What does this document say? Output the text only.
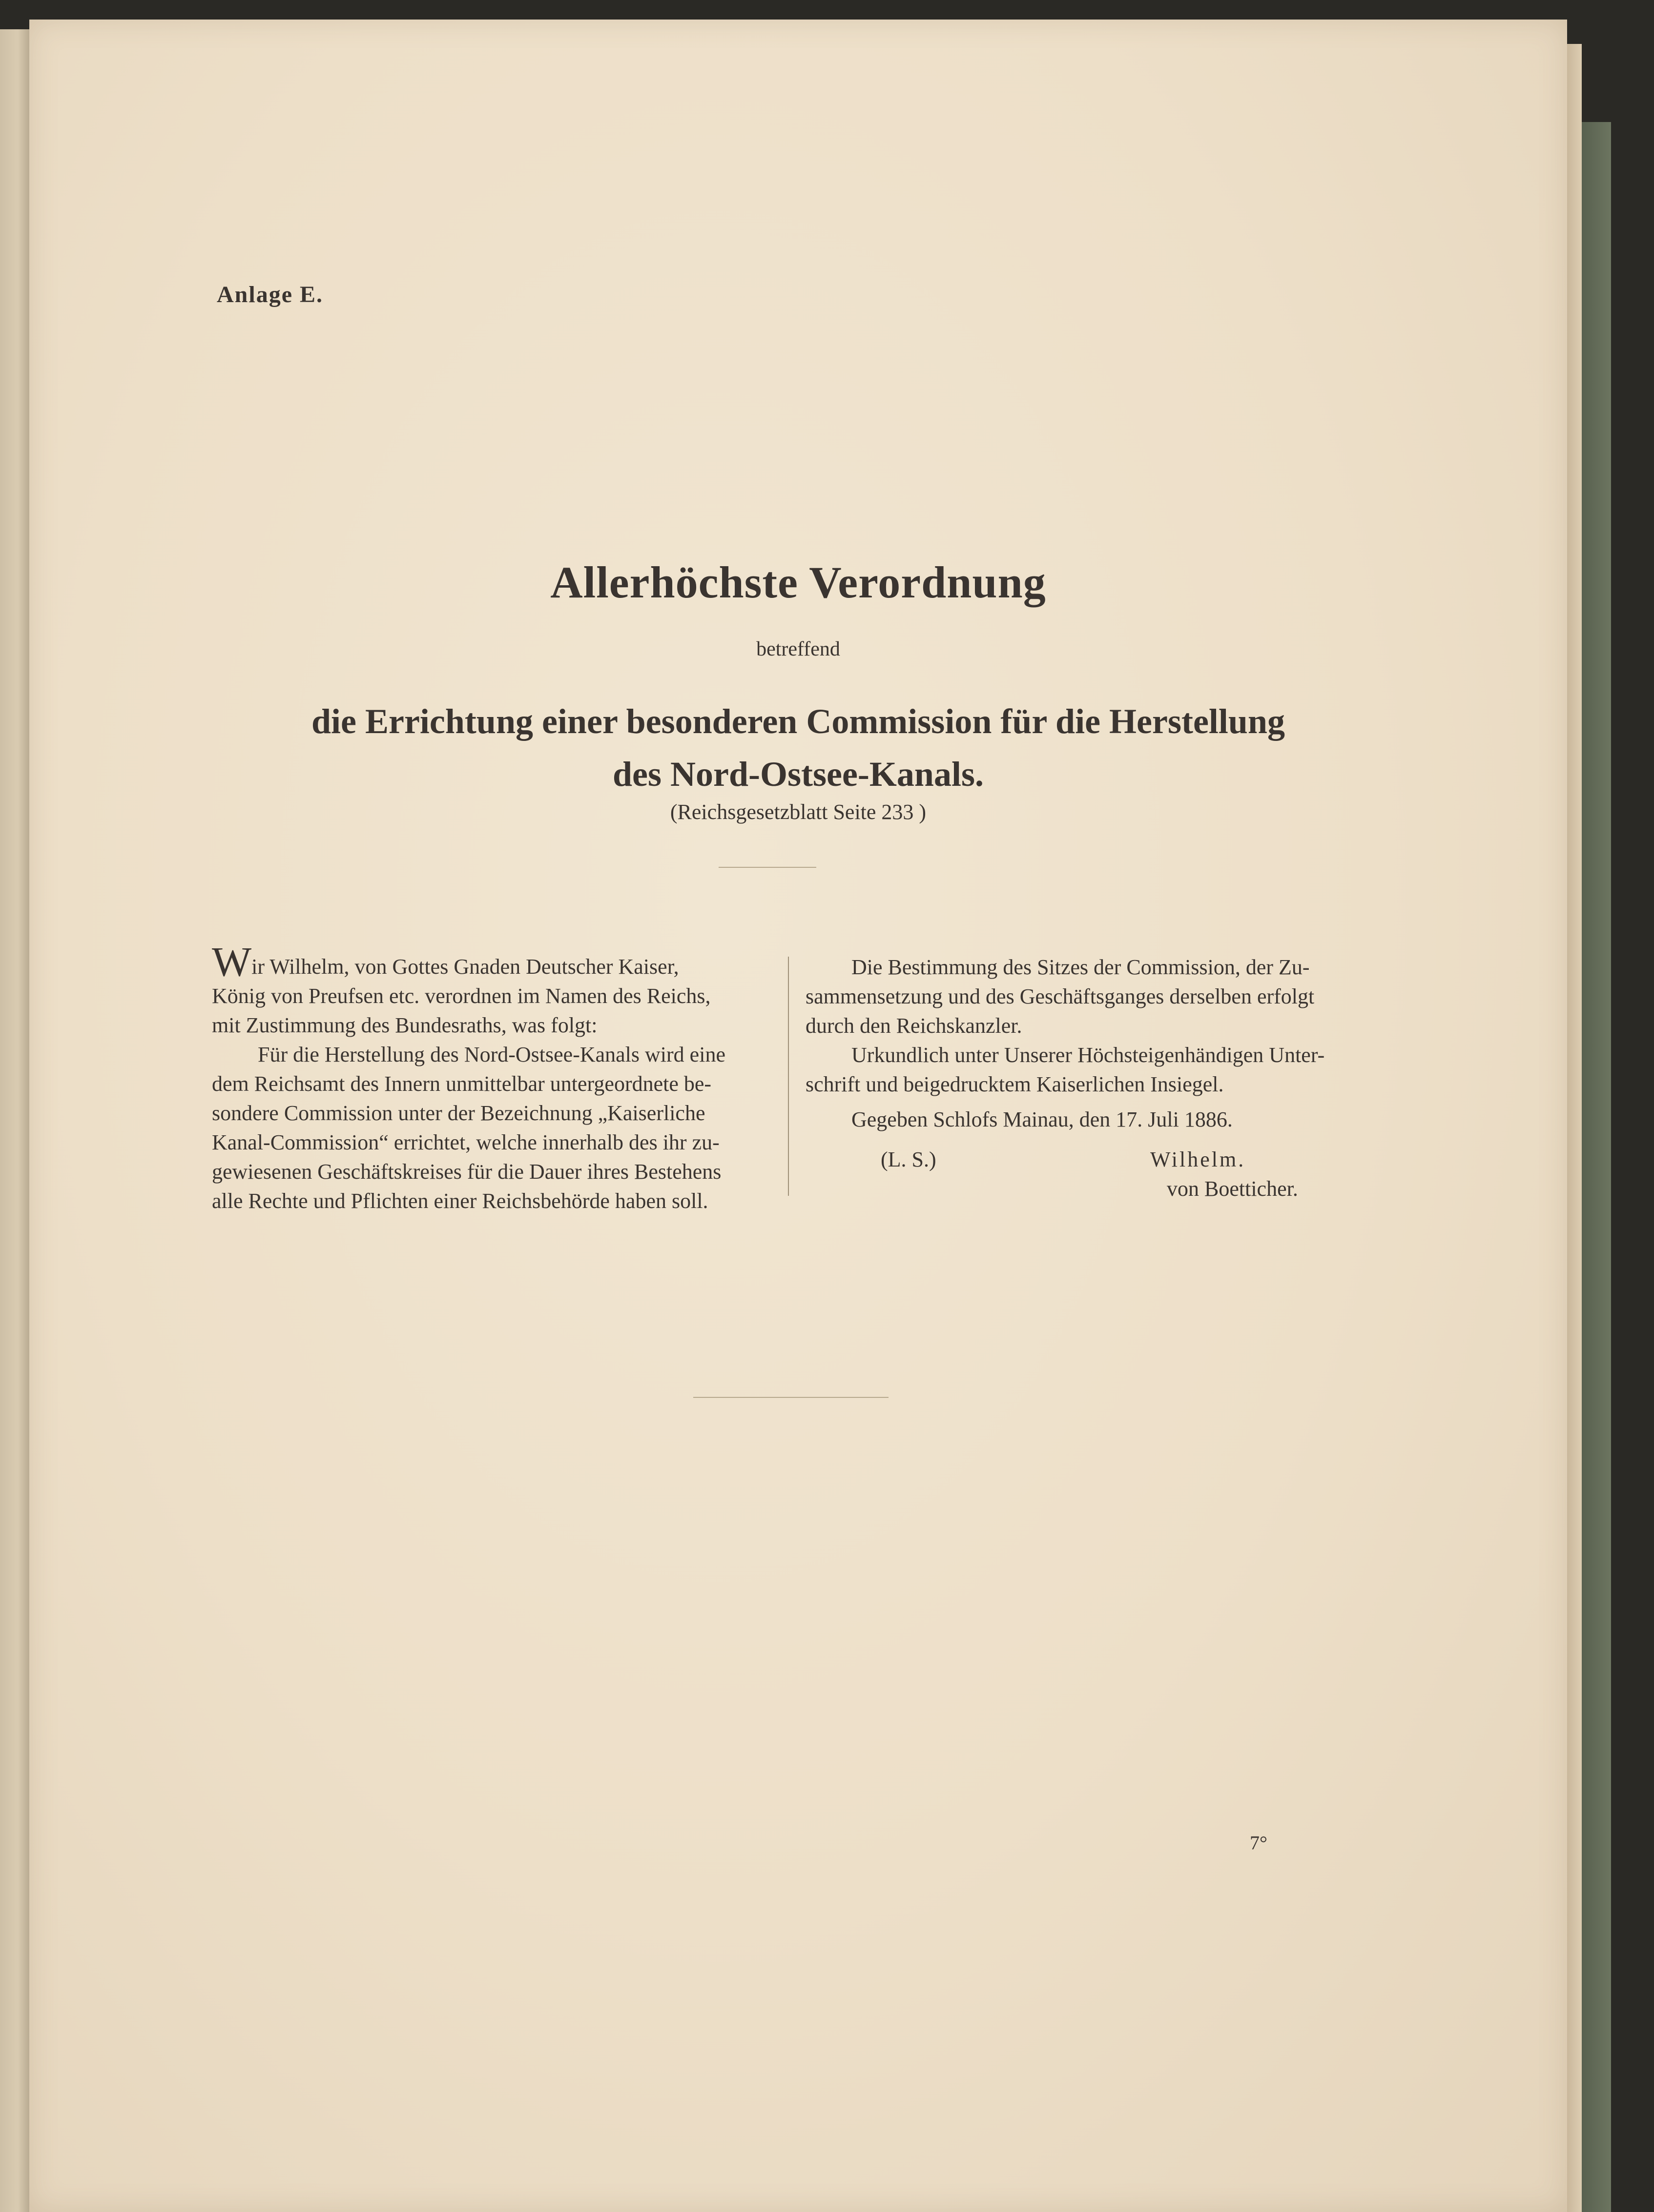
Anlage E.

Allerhöchste Verordnung

betreffend

die Errichtung einer besonderen Commission für die Herstellung
des Nord-Ostsee-Kanals.

(Reichsgesetzblatt Seite 233 )

Wir Wilhelm, von Gottes Gnaden Deutscher Kaiser,

König von Preufsen etc. verordnen im Namen des Reichs,

mit Zustimmung des Bundesraths, was folgt:

Für die Herstellung des Nord-Ostsee-Kanals wird eine

dem Reichsamt des Innern unmittelbar untergeordnete be-

sondere Commission unter der Bezeichnung „Kaiserliche

Kanal-Commission“ errichtet, welche innerhalb des ihr zu-

gewiesenen Geschäftskreises für die Dauer ihres Bestehens

alle Rechte und Pflichten einer Reichsbehörde haben soll.

Die Bestimmung des Sitzes der Commission, der Zu-

sammensetzung und des Geschäftsganges derselben erfolgt

durch den Reichskanzler.

Urkundlich unter Unserer Höchsteigenhändigen Unter-

schrift und beigedrucktem Kaiserlichen Insiegel.

Gegeben Schlofs Mainau, den 17. Juli 1886.

(L. S.)	Wilhelm.
von Boetticher.

7°
